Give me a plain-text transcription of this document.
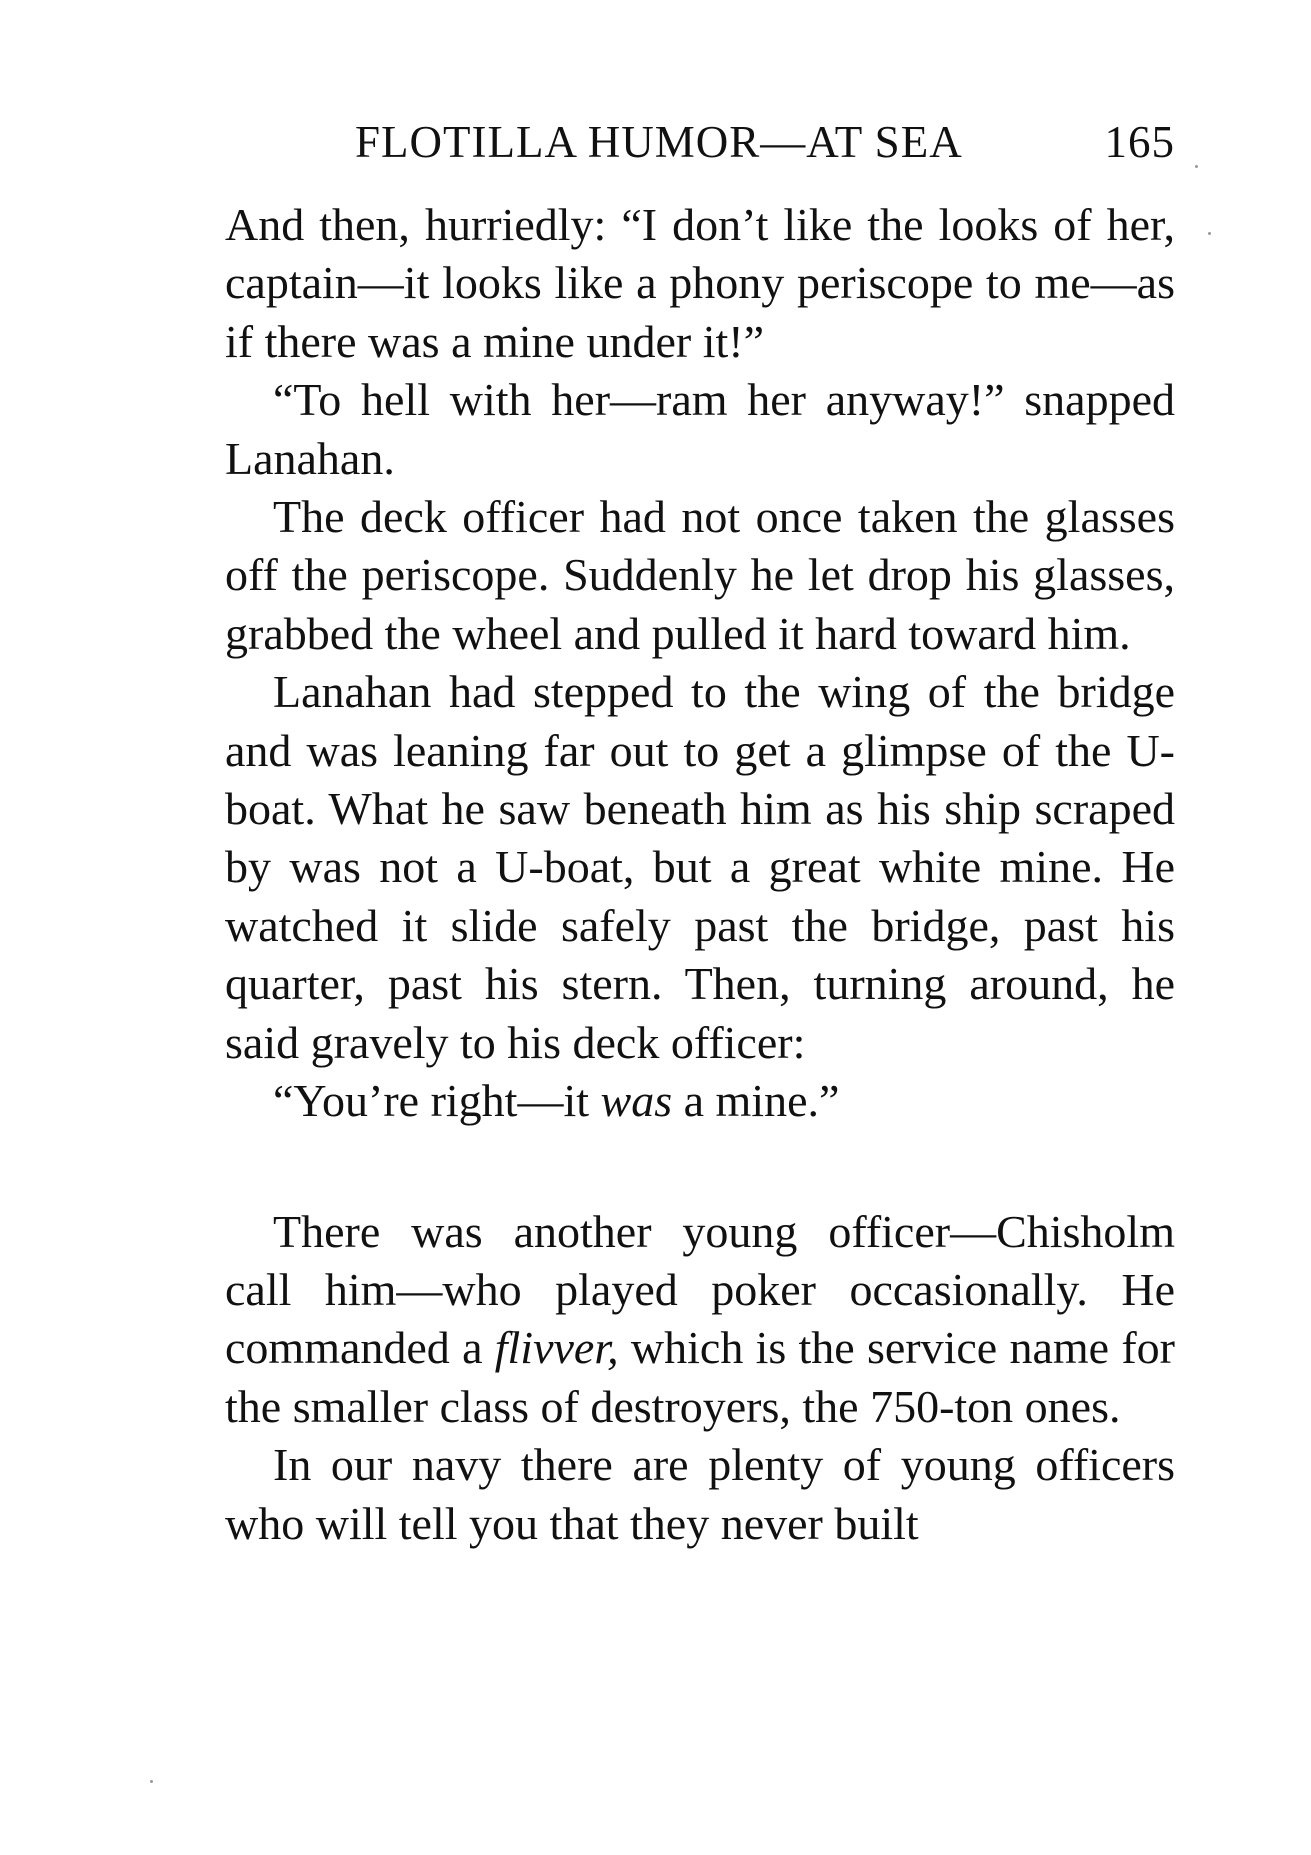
FLOTILLA HUMOR—AT SEA	165

And then, hurriedly: “I don’t like the looks of her, captain—it looks like a phony periscope to me—as if there was a mine under it!”

“To hell with her—ram her anyway!” snapped Lanahan.

The deck officer had not once taken the glasses off the periscope. Suddenly he let drop his glasses, grabbed the wheel and pulled it hard toward him.

Lanahan had stepped to the wing of the bridge and was leaning far out to get a glimpse of the U-boat. What he saw beneath him as his ship scraped by was not a U-boat, but a great white mine. He watched it slide safely past the bridge, past his quarter, past his stern. Then, turning around, he said gravely to his deck officer:

“You’re right—it was a mine.”

There was another young officer—Chisholm call him—who played poker occasionally. He commanded a flivver, which is the service name for the smaller class of destroyers, the 750-ton ones.

In our navy there are plenty of young officers who will tell you that they never built
